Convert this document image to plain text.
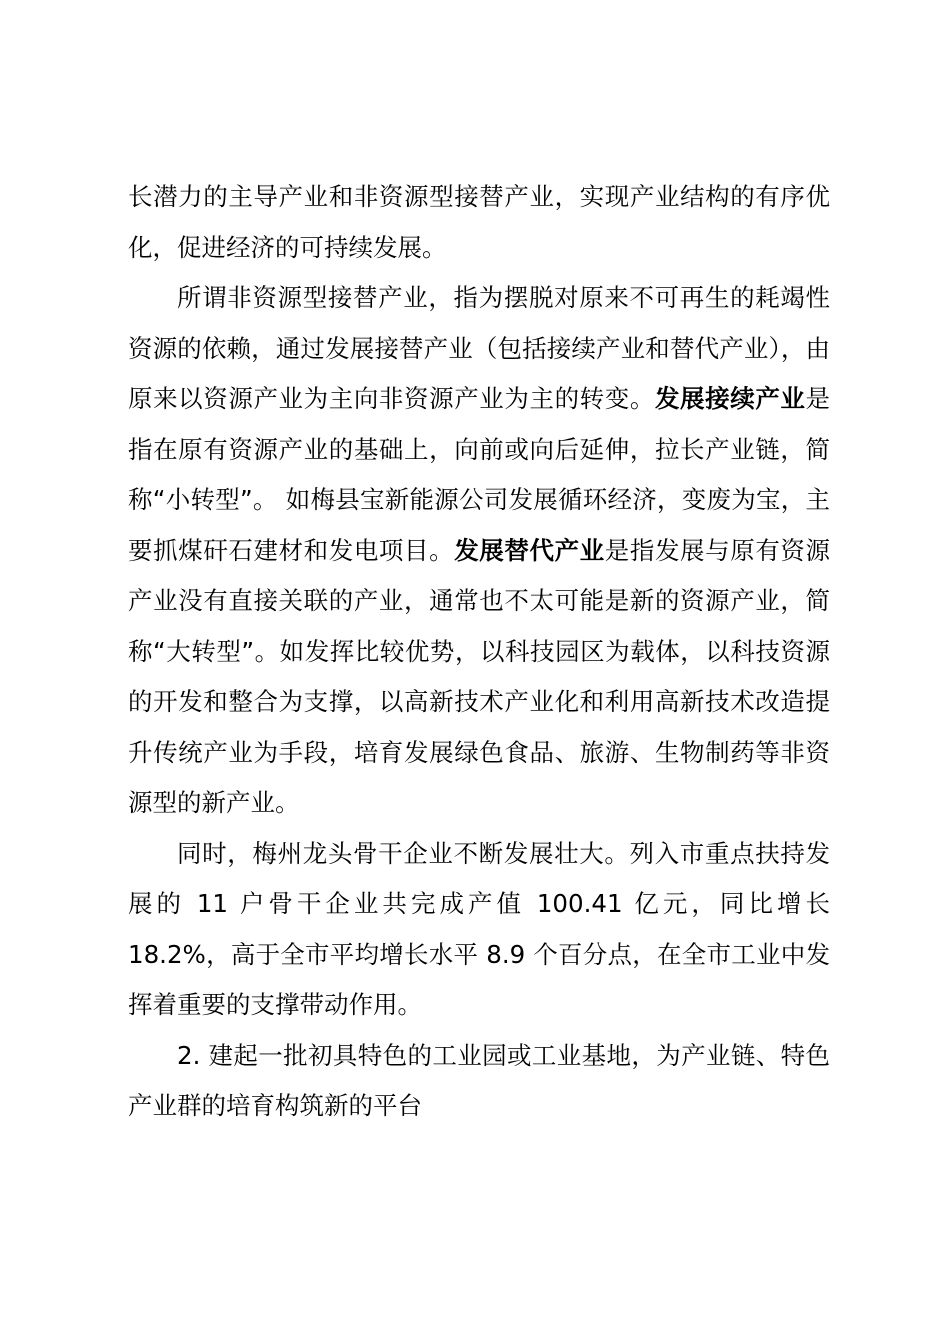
长潜力的主导产业和非资源型接替产业，实现产业结构的有序优化，促进经济的可持续发展。

所谓非资源型接替产业，指为摆脱对原来不可再生的耗竭性资源的依赖，通过发展接替产业（包括接续产业和替代产业），由原来以资源产业为主向非资源产业为主的转变。发展接续产业是指在原有资源产业的基础上，向前或向后延伸，拉长产业链，简称“小转型”。 如梅县宝新能源公司发展循环经济，变废为宝，主要抓煤矸石建材和发电项目。发展替代产业是指发展与原有资源产业没有直接关联的产业，通常也不太可能是新的资源产业，简称“大转型”。如发挥比较优势，以科技园区为载体，以科技资源的开发和整合为支撑，以高新技术产业化和利用高新技术改造提升传统产业为手段，培育发展绿色食品、旅游、生物制药等非资源型的新产业。

同时，梅州龙头骨干企业不断发展壮大。列入市重点扶持发展的 11 户骨干企业共完成产值 100.41 亿元，同比增长 18.2%，高于全市平均增长水平 8.9 个百分点，在全市工业中发挥着重要的支撑带动作用。

2. 建起一批初具特色的工业园或工业基地，为产业链、特色产业群的培育构筑新的平台
